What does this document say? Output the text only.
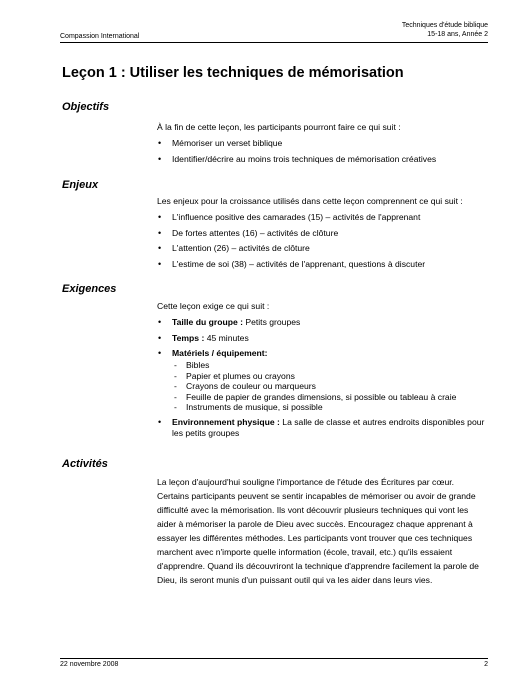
Compassion International
Techniques d'étude biblique
15-18 ans, Année 2
Leçon 1 : Utiliser les techniques de mémorisation
Objectifs
À la fin de cette leçon, les participants pourront faire ce qui suit :
• Mémoriser un verset biblique
• Identifier/décrire au moins trois techniques de mémorisation créatives
Enjeux
Les enjeux pour la croissance utilisés dans cette leçon comprennent ce qui suit :
• L'influence positive des camarades (15) – activités de l'apprenant
• De fortes attentes (16) – activités de clôture
• L'attention (26) – activités de clôture
• L'estime de soi (38) – activités de l'apprenant, questions à discuter
Exigences
Cette leçon exige ce qui suit :
• Taille du groupe : Petits groupes
• Temps : 45 minutes
• Matériels / équipement:
- Bibles
- Papier et plumes ou crayons
- Crayons de couleur ou marqueurs
- Feuille de papier de grandes dimensions, si possible ou tableau à craie
- Instruments de musique, si possible
• Environnement physique : La salle de classe et autres endroits disponibles pour les petits groupes
Activités
La leçon d'aujourd'hui souligne l'importance de l'étude des Écritures par cœur. Certains participants peuvent se sentir incapables de mémoriser ou avoir de grande difficulté avec la mémorisation. Ils vont découvrir plusieurs techniques qui vont les aider à mémoriser la parole de Dieu avec succès. Encouragez chaque apprenant à essayer les différentes méthodes. Les participants vont trouver que ces techniques marchent avec n'importe quelle information (école, travail, etc.) qu'ils essaient d'apprendre. Quand ils découvriront la technique d'apprendre facilement la parole de Dieu, ils seront munis d'un puissant outil qui va les aider dans leurs vies.
22 novembre 2008	2
